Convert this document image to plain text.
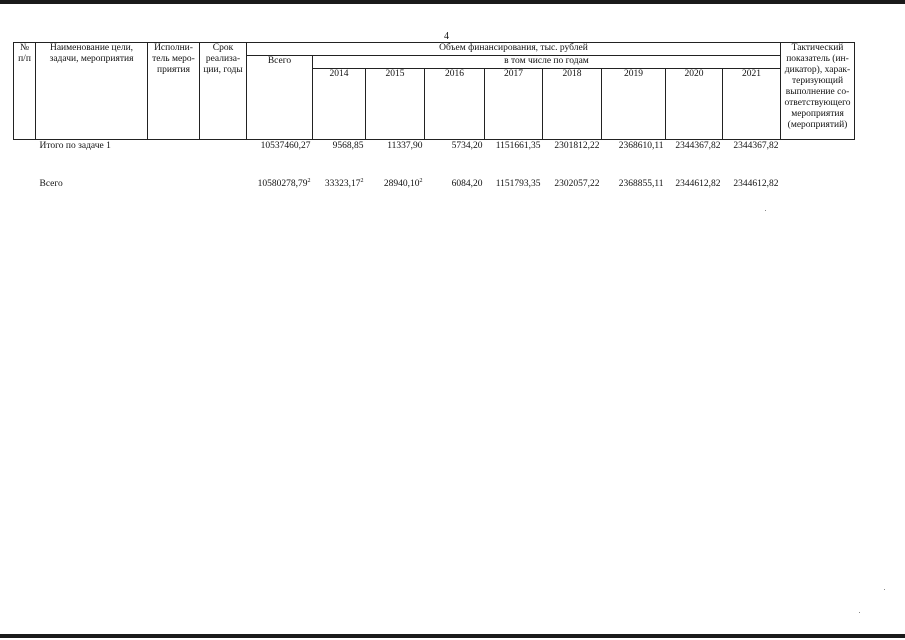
4
№ п/п	Наименование цели, задачи, мероприятия	Исполни-тель меро-приятия	Срок реализа-ции, годы	Объем финансирования, тыс. рублей									Тактический показатель (ин-дикатор), харак-теризующий выполнение со-ответствующего мероприятия (мероприятий)
				Всего	в том числе по годам								
					2014	2015	2016	2017	2018	2019	2020	2021	
Итого по задаче 1				10537460,27	9568,85	11337,90	5734,20	1151661,35	2301812,22	2368610,11	2344367,82	2344367,82	

Всего				10580278,79$^2$	33323,17$^2$	28940,10$^2$	6084,20	1151793,35	2302057,22	2368855,11	2344612,82	2344612,82	
